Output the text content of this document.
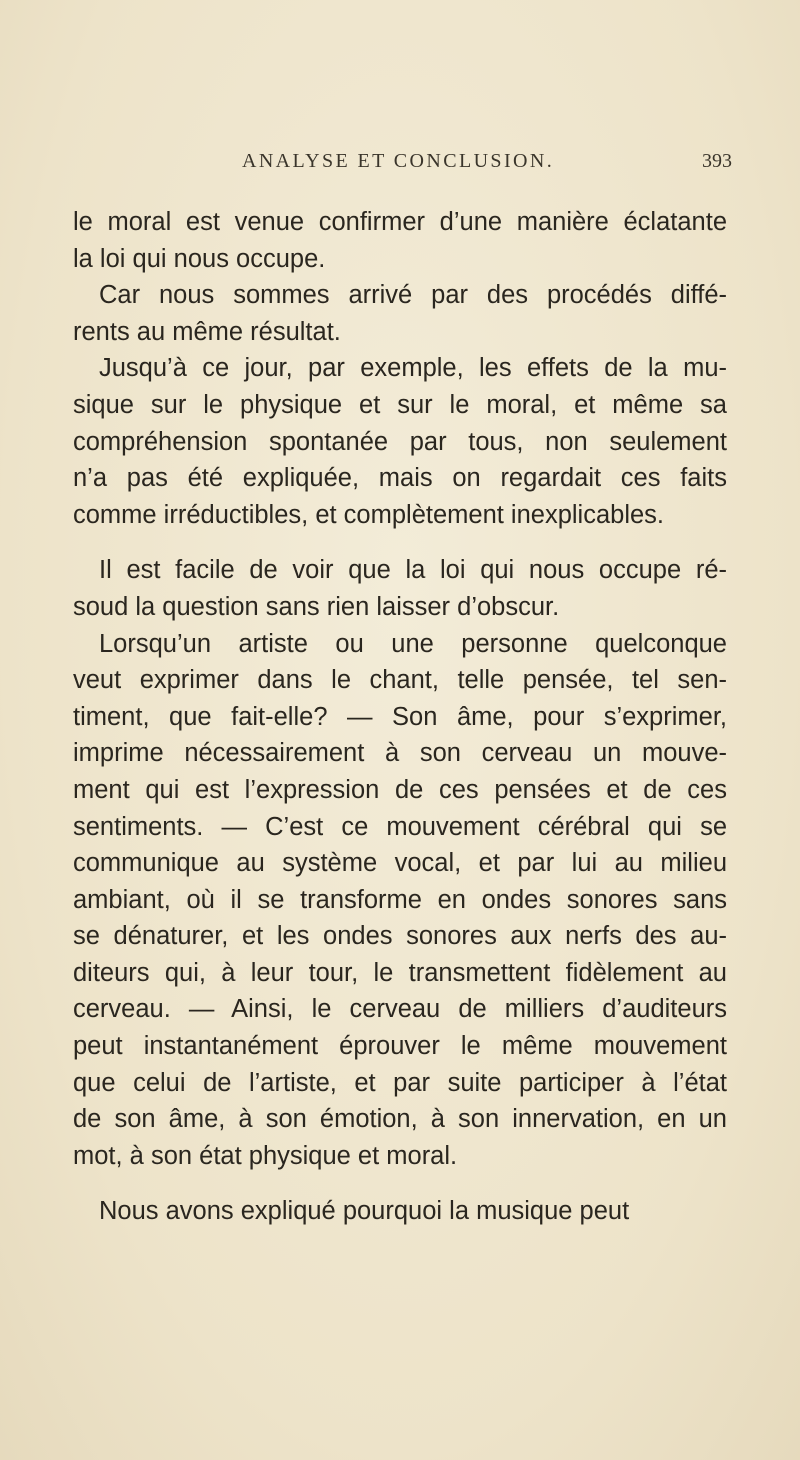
ANALYSE ET CONCLUSION.	393

le moral est venue confirmer d’une manière éclatante
la loi qui nous occupe.

Car nous sommes arrivé par des procédés diffé-
rents au même résultat.

Jusqu’à ce jour, par exemple, les effets de la mu-
sique sur le physique et sur le moral, et même sa
compréhension spontanée par tous, non seulement
n’a pas été expliquée, mais on regardait ces faits
comme irréductibles, et complètement inexplicables.

Il est facile de voir que la loi qui nous occupe ré-
soud la question sans rien laisser d’obscur.

Lorsqu’un artiste ou une personne quelconque
veut exprimer dans le chant, telle pensée, tel sen-
timent, que fait-elle? — Son âme, pour s’exprimer,
imprime nécessairement à son cerveau un mouve-
ment qui est l’expression de ces pensées et de ces
sentiments. — C’est ce mouvement cérébral qui se
communique au système vocal, et par lui au milieu
ambiant, où il se transforme en ondes sonores sans
se dénaturer, et les ondes sonores aux nerfs des au-
diteurs qui, à leur tour, le transmettent fidèlement au
cerveau. — Ainsi, le cerveau de milliers d’auditeurs
peut instantanément éprouver le même mouvement
que celui de l’artiste, et par suite participer à l’état
de son âme, à son émotion, à son innervation, en un
mot, à son état physique et moral.

Nous avons expliqué pourquoi la musique peut
